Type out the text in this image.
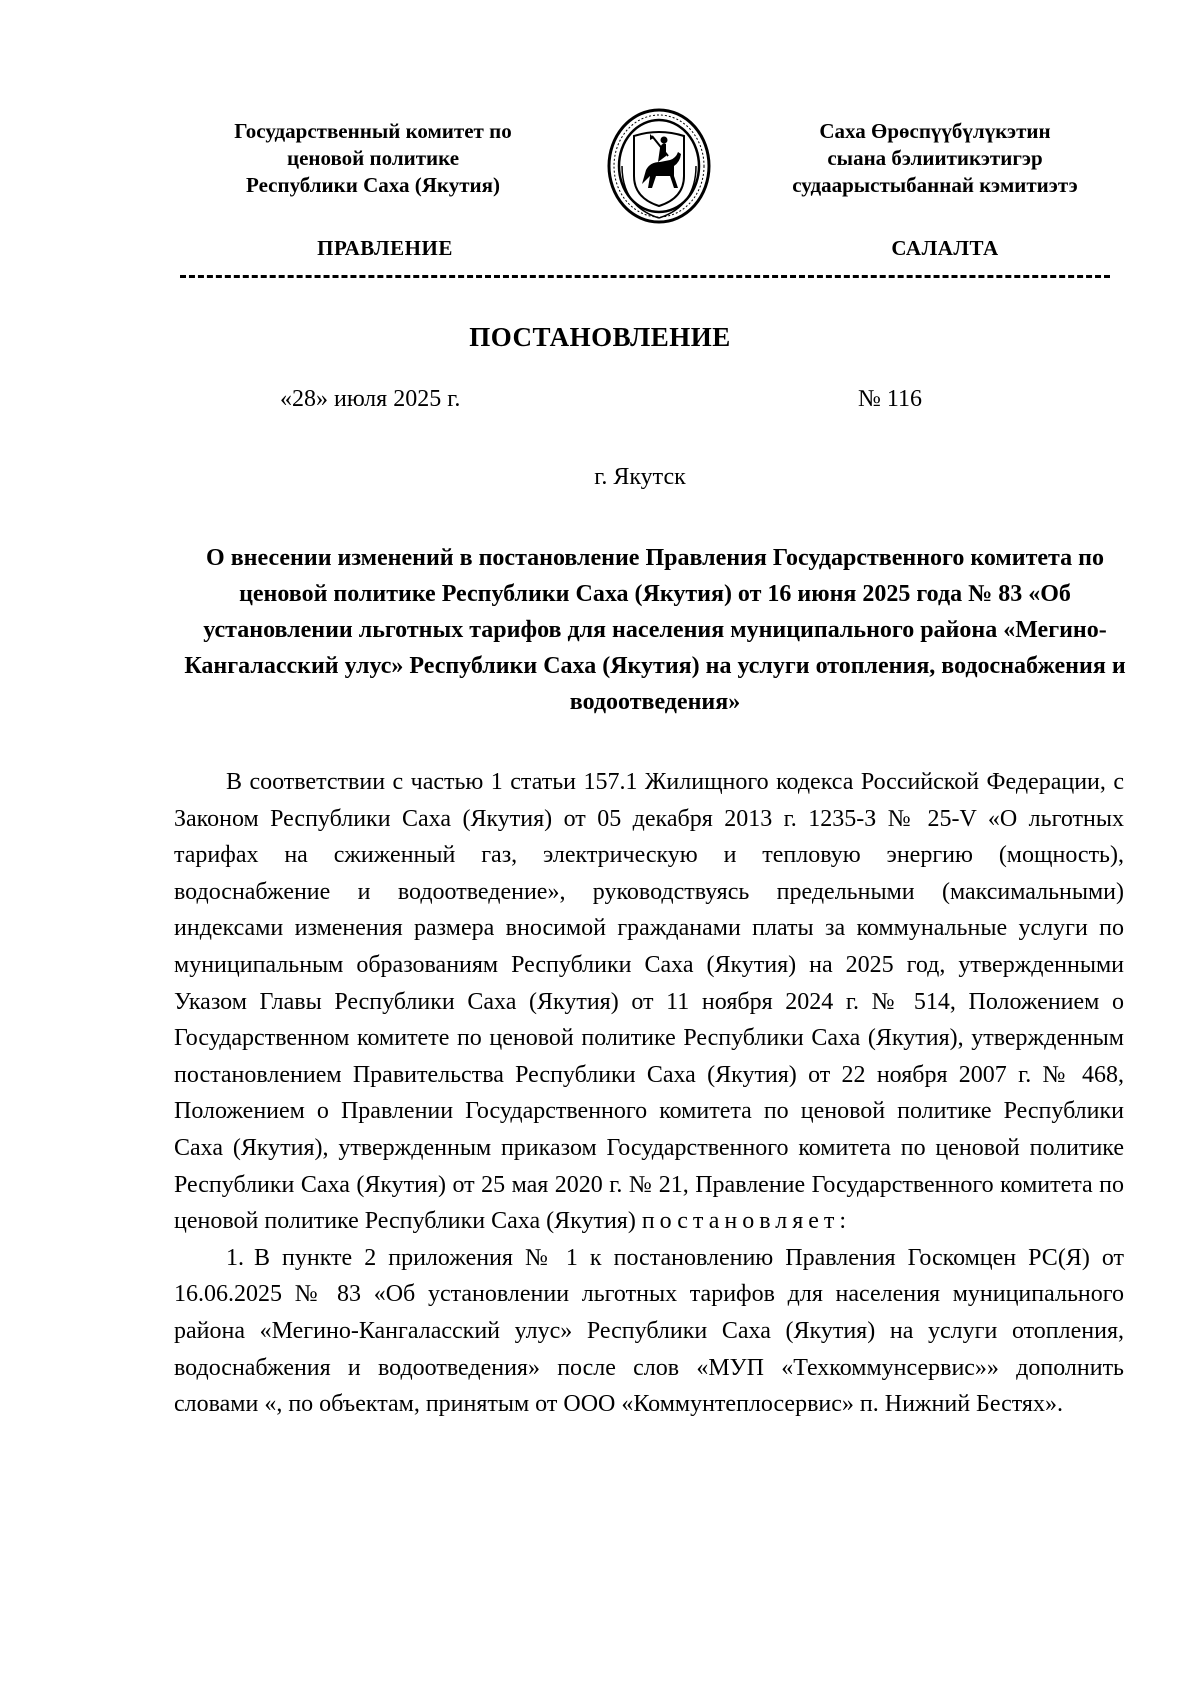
Государственный комитет по
ценовой политике
Республики Саха (Якутия)
Саха Өрөспүүбүлүкэтин
сыана бэлиитикэтигэр
судаарыстыбаннай кэмитиэтэ
ПРАВЛЕНИЕ	САЛАЛТА
ПОСТАНОВЛЕНИЕ
«28» июля 2025 г.	№ 116
г. Якутск
О внесении изменений в постановление Правления Государственного комитета по ценовой политике Республики Саха (Якутия) от 16 июня 2025 года № 83 «Об установлении льготных тарифов для населения муниципального района «Мегино-Кангаласский улус» Республики Саха (Якутия) на услуги отопления, водоснабжения и водоотведения»

В соответствии с частью 1 статьи 157.1 Жилищного кодекса Российской Федерации, с Законом Республики Саха (Якутия) от 05 декабря 2013 г. 1235-З № 25-V «О льготных тарифах на сжиженный газ, электрическую и тепловую энергию (мощность), водоснабжение и водоотведение», руководствуясь предельными (максимальными) индексами изменения размера вносимой гражданами платы за коммунальные услуги по муниципальным образованиям Республики Саха (Якутия) на 2025 год, утвержденными Указом Главы Республики Саха (Якутия) от 11 ноября 2024 г. № 514, Положением о Государственном комитете по ценовой политике Республики Саха (Якутия), утвержденным постановлением Правительства Республики Саха (Якутия) от 22 ноября 2007 г. № 468, Положением о Правлении Государственного комитета по ценовой политике Республики Саха (Якутия), утвержденным приказом Государственного комитета по ценовой политике Республики Саха (Якутия) от 25 мая 2020 г. № 21, Правление Государственного комитета по ценовой политике Республики Саха (Якутия) постановляет:

1. В пункте 2 приложения № 1 к постановлению Правления Госкомцен РС(Я) от 16.06.2025 № 83 «Об установлении льготных тарифов для населения муниципального района «Мегино-Кангаласский улус» Республики Саха (Якутия) на услуги отопления, водоснабжения и водоотведения» после слов «МУП «Техкоммунсервис»» дополнить словами «, по объектам, принятым от ООО «Коммунтеплосервис» п. Нижний Бестях».
